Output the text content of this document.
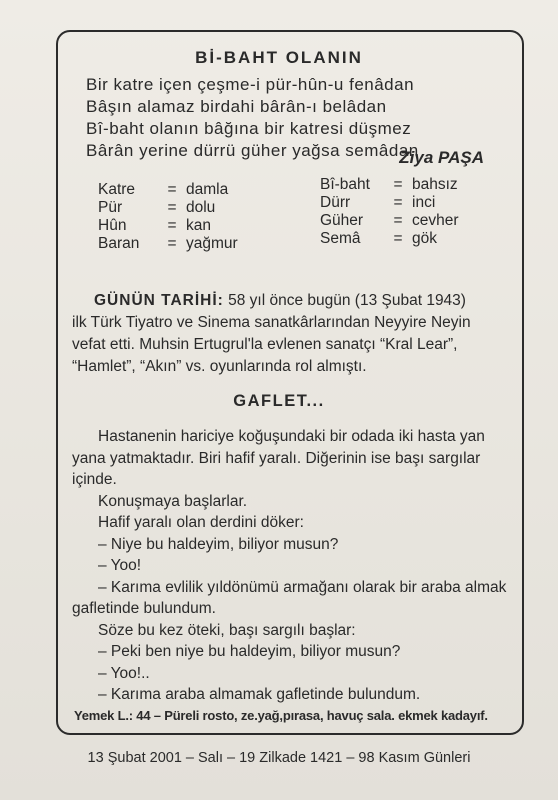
Bİ-BAHT OLANIN
Bir katre içen çeşme-i pür-hûn-u fenâdan
Bâşın alamaz birdahi bârân-ı belâdan
Bî-baht olanın bâğına bir katresi düşmez
Bârân yerine dürrü güher yağsa semâdan
Ziya PAŞA
Katre	= damla
Pür	= dolu
Hûn	= kan
Baran	= yağmur
Bî-baht	= bahsız
Dürr	= inci
Güher	= cevher
Semâ	= gök
GÜNÜN TARİHİ: 58 yıl önce bugün (13 Şubat 1943)
ilk Türk Tiyatro ve Sinema sanatkârlarından Neyyire Neyin
vefat etti. Muhsin Ertugrul'la evlenen sanatçı “Kral Lear”,
“Hamlet”, “Akın” vs. oyunlarında rol almıştı.
GAFLET...

Hastanenin hariciye koğuşundaki bir odada iki hasta yan yana yatmaktadır. Biri hafif yaralı. Diğerinin ise başı sargılar içinde.

Konuşmaya başlarlar.

Hafif yaralı olan derdini döker:

– Niye bu haldeyim, biliyor musun?

– Yoo!

– Karıma evlilik yıldönümü armağanı olarak bir araba almak gafletinde bulundum.

Söze bu kez öteki, başı sargılı başlar:

– Peki ben niye bu haldeyim, biliyor musun?

– Yoo!..

– Karıma araba almamak gafletinde bulundum.

Yemek L.: 44 – Püreli rosto, ze.yağ,pırasa, havuç sala. ekmek kadayıf.
13 Şubat 2001 – Salı – 19 Zilkade 1421 – 98 Kasım Günleri
